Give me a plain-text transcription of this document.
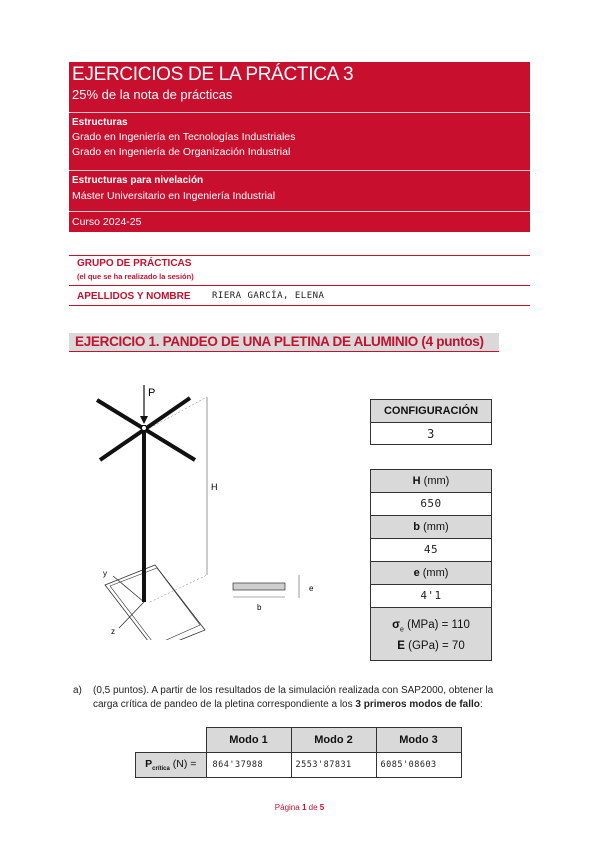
EJERCICIOS DE LA PRÁCTICA 3
25% de la nota de prácticas
Estructuras
Grado en Ingeniería en Tecnologías Industriales
Grado en Ingeniería de Organización Industrial
Estructuras para nivelación
Máster Universitario en Ingeniería Industrial
Curso 2024-25
GRUPO DE PRÁCTICAS
(el que se ha realizado la sesión)
APELLIDOS Y NOMBRE RIERA GARCÍA, ELENA
EJERCICIO 1. PANDEO DE UNA PLETINA DE ALUMINIO (4 puntos)
P
H
y
z
e
b
CONFIGURACIÓN
3
H (mm)
650
b (mm)
45
e (mm)
4'1
$\sigma_e$ (MPa) = 110
E (GPa) = 70
a) (0,5 puntos). A partir de los resultados de la simulación realizada con SAP2000, obtener la
carga crítica de pandeo de la pletina correspondiente a los 3 primeros modos de fallo:
	Modo 1	Modo 2	Modo 3
$P_{crítica}$ (N) =	864'37988	2553'87831	6085'08603
Página 1 de 5
